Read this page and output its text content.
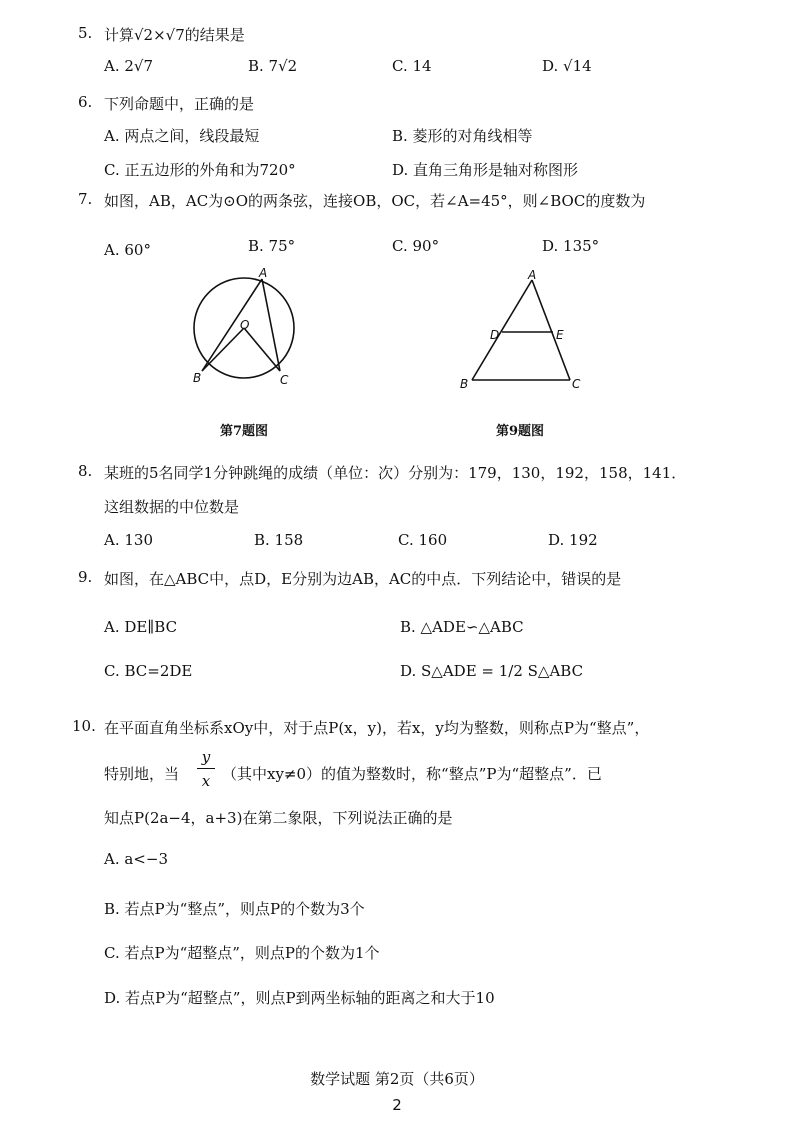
5. 计算√2×√7的结果是
A. 2√7	B. 7√2	C. 14	D. √14
6. 下列命题中，正确的是
A. 两点之间，线段最短	B. 菱形的对角线相等
C. 正五边形的外角和为720°	D. 直角三角形是轴对称图形
7. 如图，AB，AC为⊙O的两条弦，连接OB，OC，若∠A=45°，则∠BOC的度数为
A. 60°	B. 75°	C. 90°	D. 135°
A
O
B	C
第7题图
A
D	E
B	C
第9题图
8. 某班的5名同学1分钟跳绳的成绩（单位：次）分别为：179，130，192，158，141．
这组数据的中位数是
A. 130	B. 158	C. 160	D. 192
9. 如图，在△ABC中，点D，E分别为边AB，AC的中点．下列结论中，错误的是
A. DE∥BC	B. △ADE∽△ABC
C. BC=2DE	D. S△ADE = 1/2 S△ABC
10. 在平面直角坐标系xOy中，对于点P(x，y)，若x，y均为整数，则称点P为“整点”，
特别地，当
y
x （其中xy≠0）的值为整数时，称“整点”P为“超整点”．已
知点P(2a−4，a+3)在第二象限，下列说法正确的是
A. a<−3
B. 若点P为“整点”，则点P的个数为3个
C. 若点P为“超整点”，则点P的个数为1个
D. 若点P为“超整点”，则点P到两坐标轴的距离之和大于10
数学试题 第2页（共6页）
2
